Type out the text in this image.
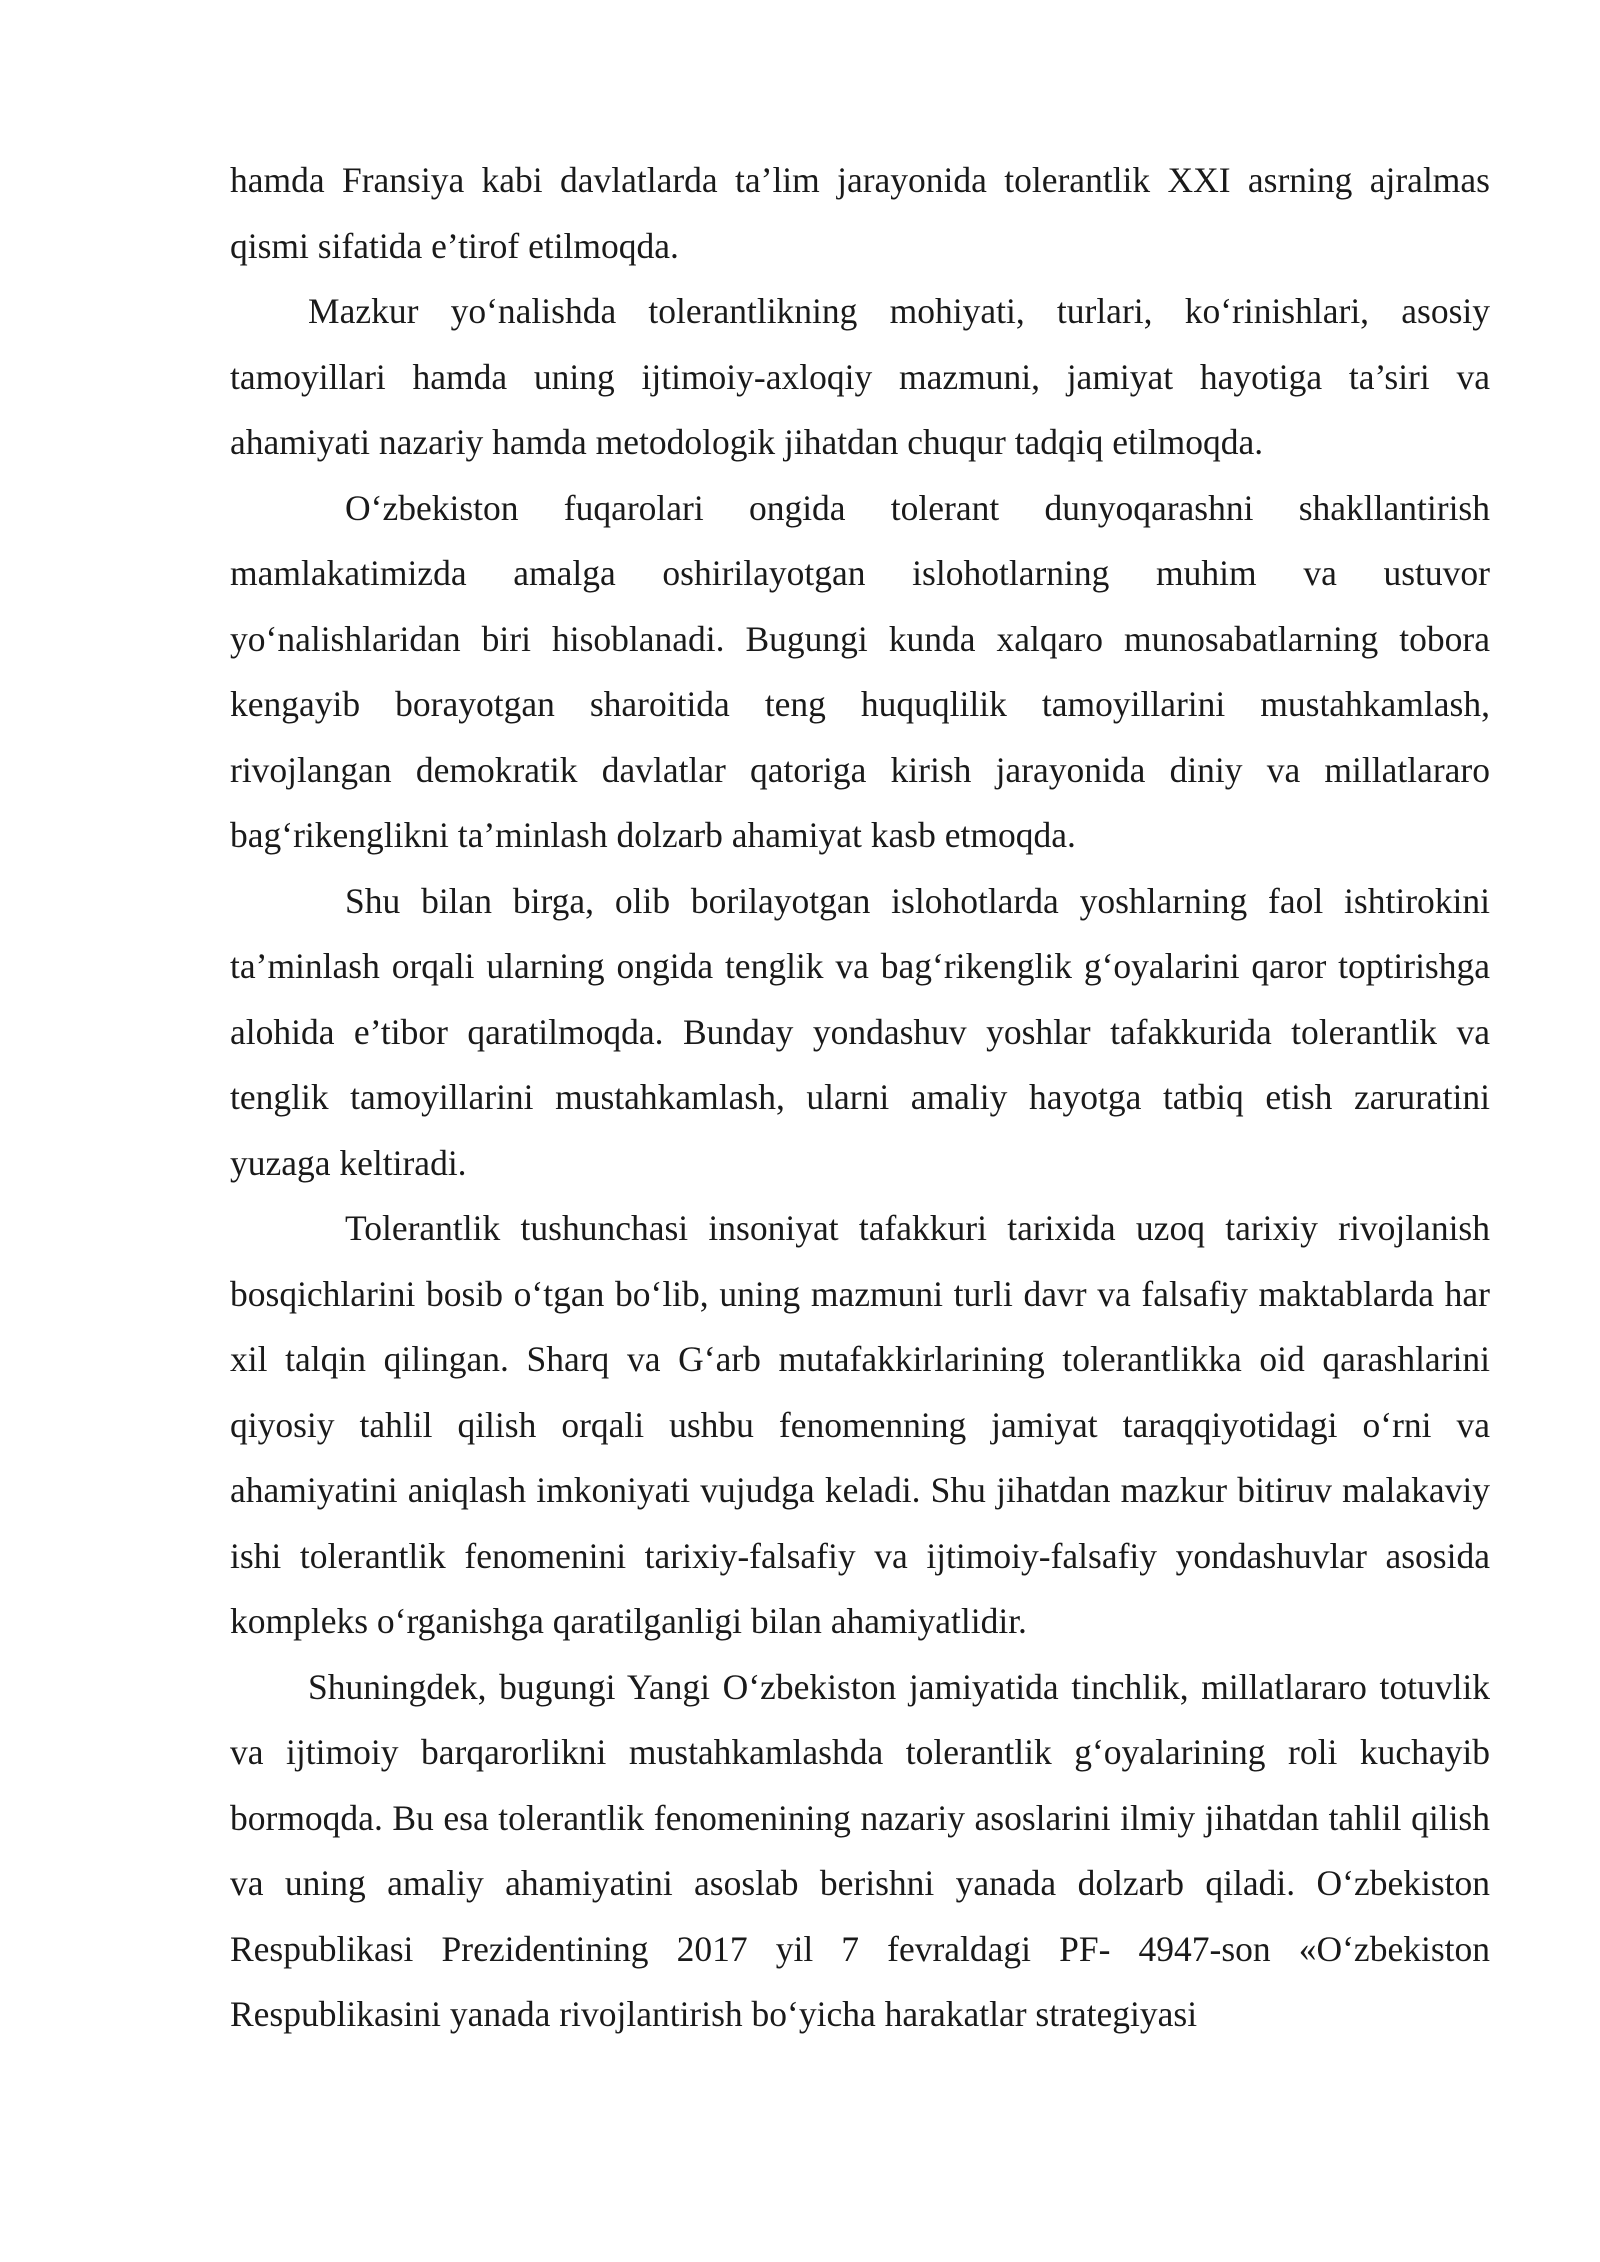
hamda Fransiya kabi davlatlarda ta’lim jarayonida tolerantlik XXI asrning ajralmas qismi sifatida e’tirof etilmoqda.

Mazkur yoʻnalishda tolerantlikning mohiyati, turlari, koʻrinishlari, asosiy tamoyillari hamda uning ijtimoiy-axloqiy mazmuni, jamiyat hayotiga ta’siri va ahamiyati nazariy hamda metodologik jihatdan chuqur tadqiq etilmoqda.

Oʻzbekiston fuqarolari ongida tolerant dunyoqarashni shakllantirish mamlakatimizda amalga oshirilayotgan islohotlarning muhim va ustuvor yoʻnalishlaridan biri hisoblanadi. Bugungi kunda xalqaro munosabatlarning tobora kengayib borayotgan sharoitida teng huquqlilik tamoyillarini mustahkamlash, rivojlangan demokratik davlatlar qatoriga kirish jarayonida diniy va millatlararo bagʻrikenglikni ta’minlash dolzarb ahamiyat kasb etmoqda.

Shu bilan birga, olib borilayotgan islohotlarda yoshlarning faol ishtirokini ta’minlash orqali ularning ongida tenglik va bagʻrikenglik gʻoyalarini qaror toptirishga alohida e’tibor qaratilmoqda. Bunday yondashuv yoshlar tafakkurida tolerantlik va tenglik tamoyillarini mustahkamlash, ularni amaliy hayotga tatbiq etish zaruratini yuzaga keltiradi.

Tolerantlik tushunchasi insoniyat tafakkuri tarixida uzoq tarixiy rivojlanish bosqichlarini bosib oʻtgan boʻlib, uning mazmuni turli davr va falsafiy maktablarda har xil talqin qilingan. Sharq va Gʻarb mutafakkirlarining tolerantlikka oid qarashlarini qiyosiy tahlil qilish orqali ushbu fenomenning jamiyat taraqqiyotidagi oʻrni va ahamiyatini aniqlash imkoniyati vujudga keladi. Shu jihatdan mazkur bitiruv malakaviy ishi tolerantlik fenomenini tarixiy-falsafiy va ijtimoiy-falsafiy yondashuvlar asosida kompleks oʻrganishga qaratilganligi bilan ahamiyatlidir.

Shuningdek, bugungi Yangi Oʻzbekiston jamiyatida tinchlik, millatlararo totuvlik va ijtimoiy barqarorlikni mustahkamlashda tolerantlik gʻoyalarining roli kuchayib bormoqda. Bu esa tolerantlik fenomenining nazariy asoslarini ilmiy jihatdan tahlil qilish va uning amaliy ahamiyatini asoslab berishni yanada dolzarb qiladi. Oʻzbekiston Respublikasi Prezidentining 2017 yil 7 fevraldagi PF- 4947-son «Oʻzbekiston Respublikasini yanada rivojlantirish boʻyicha harakatlar strategiyasi
